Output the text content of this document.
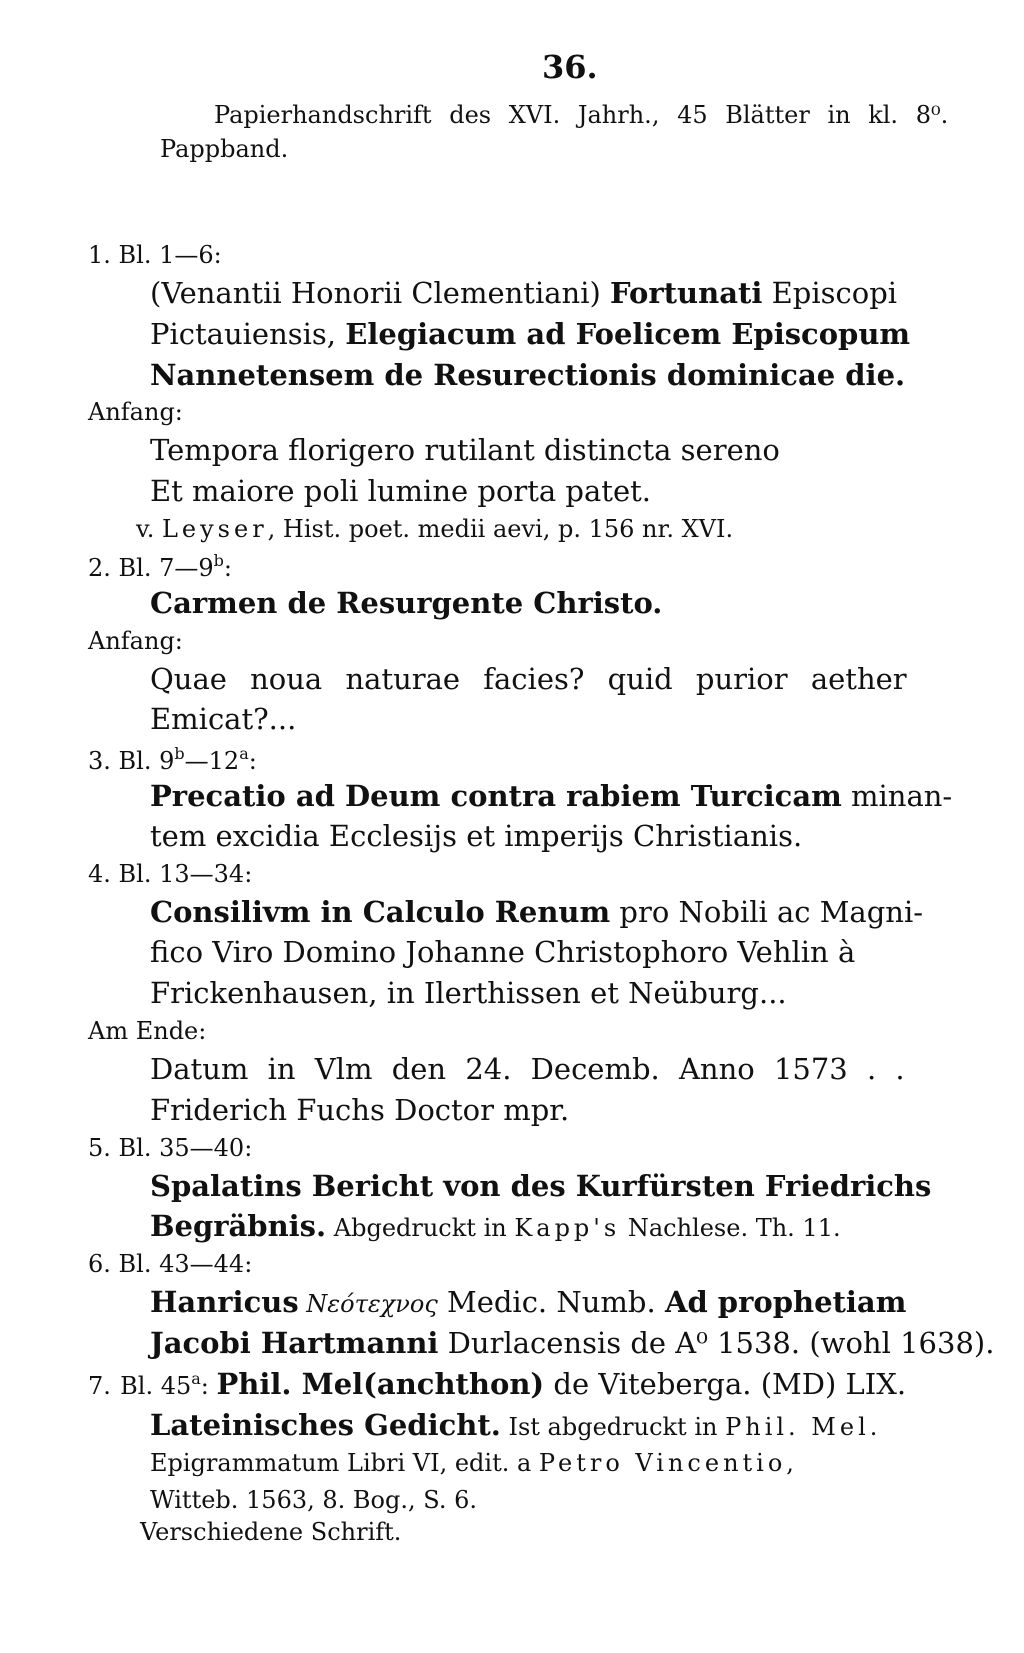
36.
Papierhandschrift des XVI. Jahrh., 45 Blätter in kl. 8⁰.
Pappband.
1. Bl. 1—6:
(Venantii Honorii Clementiani) Fortunati Episcopi
Pictauiensis, Elegiacum ad Foelicem Episcopum
Nannetensem de Resurectionis dominicae die.
Anfang:
Tempora florigero rutilant distincta sereno
Et maiore poli lumine porta patet.
v. Leyser, Hist. poet. medii aevi, p. 156 nr. XVI.
2. Bl. 7—9$^b$:
Carmen de Resurgente Christo.
Anfang:
Quae noua naturae facies? quid purior aether
Emicat?...
3. Bl. 9$^b$—12$^a$:
Precatio ad Deum contra rabiem Turcicam minan-
tem excidia Ecclesijs et imperijs Christianis.
4. Bl. 13—34:
Consilivm in Calculo Renum pro Nobili ac Magni-
fico Viro Domino Johanne Christophoro Vehlin à
Frickenhausen, in Ilerthissen et Neüburg...
Am Ende:
Datum in Vlm den 24. Decemb. Anno 1573 . .
Friderich Fuchs Doctor mpr.
5. Bl. 35—40:
Spalatins Bericht von des Kurfürsten Friedrichs
Begräbnis. Abgedruckt in Kapp's Nachlese. Th. 11.
6. Bl. 43—44:
Hanricus Νεότεχνος Medic. Numb. Ad prophetiam
Jacobi Hartmanni Durlacensis de A⁰ 1538. (wohl 1638).
7. Bl. 45$^a$: Phil. Mel(anchthon) de Viteberga. (MD) LIX.
Lateinisches Gedicht. Ist abgedruckt in Phil. Mel.
Epigrammatum Libri VI, edit. a Petro Vincentio,
Witteb. 1563, 8. Bog., S. 6.
Verschiedene Schrift.
